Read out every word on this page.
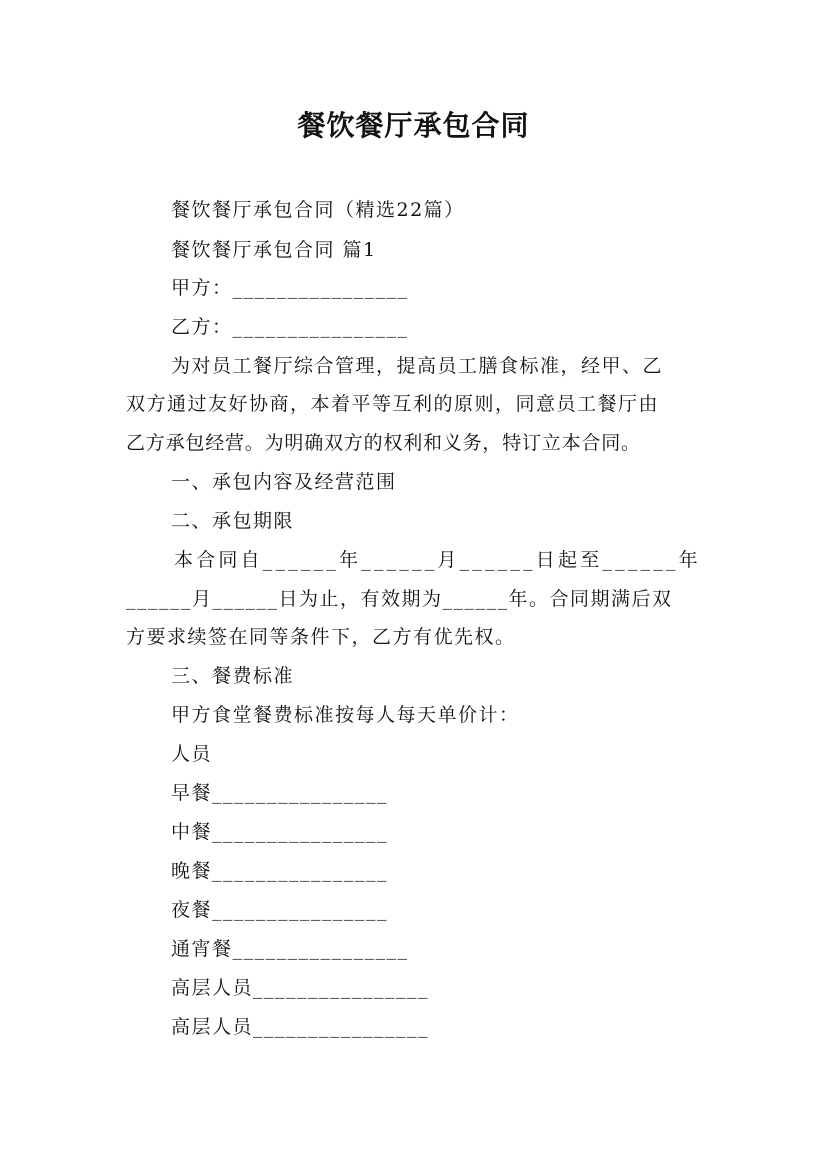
餐饮餐厅承包合同
餐饮餐厅承包合同（精选22篇）
餐饮餐厅承包合同 篇1
甲方：________________
乙方：________________
为对员工餐厅综合管理，提高员工膳食标准，经甲、乙
双方通过友好协商，本着平等互利的原则，同意员工餐厅由
乙方承包经营。为明确双方的权利和义务，特订立本合同。
一、承包内容及经营范围
二、承包期限
本合同自______年______月______日起至______年
______月______日为止，有效期为______年。合同期满后双
方要求续签在同等条件下，乙方有优先权。
三、餐费标准
甲方食堂餐费标准按每人每天单价计：
人员
早餐________________
中餐________________
晚餐________________
夜餐________________
通宵餐________________
高层人员________________
高层人员________________
